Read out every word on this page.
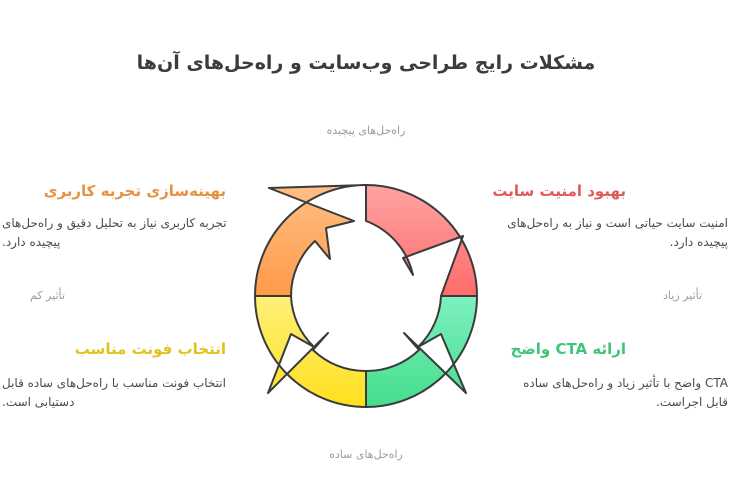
مشکلات رایج طراحی وب‌سایت و راه‌حل‌های آن‌ها
راه‌حل‌های پیچیده
راه‌حل‌های ساده
تأثیر کم	تأثیر زیاد
بهبود امنیت سایت
امنیت سایت حیاتی است و نیاز به راه‌حل‌های پیچیده دارد.
بهینه‌سازی تجربه کاربری
تجربه کاربری نیاز به تحلیل دقیق و راه‌حل‌های پیچیده دارد.
ارائه CTA واضح
CTA واضح با تأثیر زیاد و راه‌حل‌های ساده قابل اجراست.
انتخاب فونت مناسب
انتخاب فونت مناسب با راه‌حل‌های ساده قابل دستیابی است.
